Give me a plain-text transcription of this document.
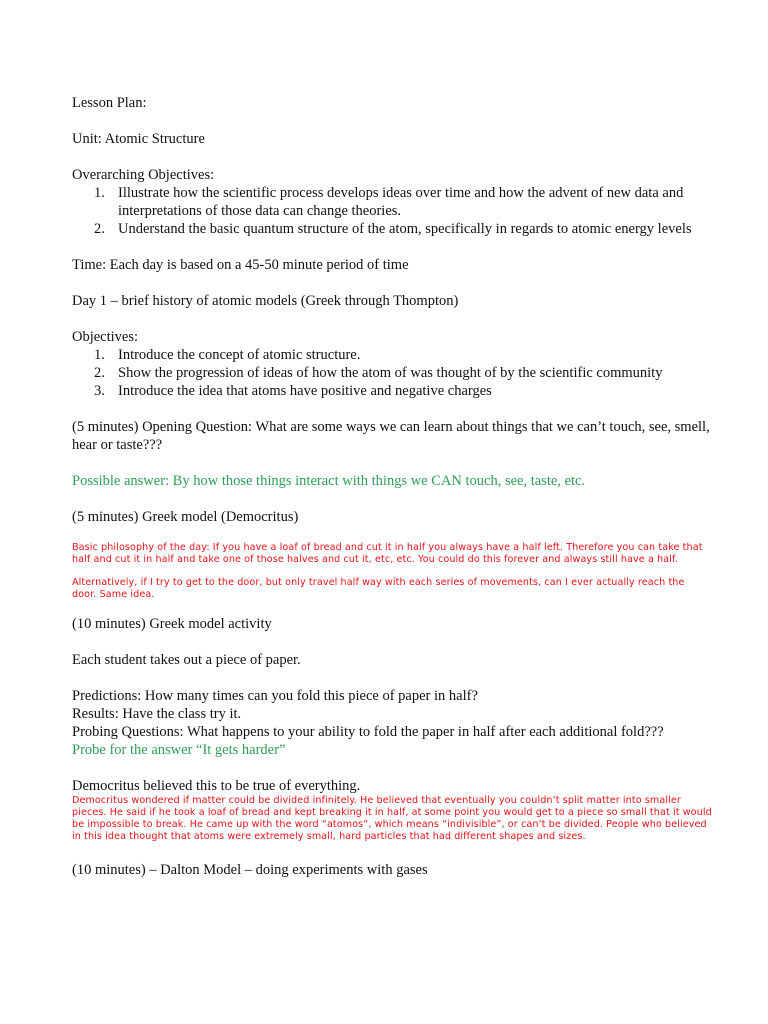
Lesson Plan:

Unit: Atomic Structure

Overarching Objectives:

1. Illustrate how the scientific process develops ideas over time and how the advent of new data and interpretations of those data can change theories.
2. Understand the basic quantum structure of the atom, specifically in regards to atomic energy levels

Time: Each day is based on a 45-50 minute period of time

Day 1 – brief history of atomic models (Greek through Thompton)

Objectives:

1. Introduce the concept of atomic structure.
2. Show the progression of ideas of how the atom of was thought of by the scientific community
3. Introduce the idea that atoms have positive and negative charges

(5 minutes) Opening Question: What are some ways we can learn about things that we can’t touch, see, smell, hear or taste???

Possible answer: By how those things interact with things we CAN touch, see, taste, etc.

(5 minutes) Greek model (Democritus)

Basic philosophy of the day: If you have a loaf of bread and cut it in half you always have a half left. Therefore you can take that half and cut it in half and take one of those halves and cut it, etc, etc. You could do this forever and always still have a half.

Alternatively, if I try to get to the door, but only travel half way with each series of movements, can I ever actually reach the door. Same idea.

(10 minutes) Greek model activity

Each student takes out a piece of paper.

Predictions: How many times can you fold this piece of paper in half?

Results: Have the class try it.

Probing Questions: What happens to your ability to fold the paper in half after each additional fold???

Probe for the answer “It gets harder”

Democritus believed this to be true of everything.

Democritus wondered if matter could be divided infinitely. He believed that eventually you couldn’t split matter into smaller pieces. He said if he took a loaf of bread and kept breaking it in half, at some point you would get to a piece so small that it would be impossible to break. He came up with the word “atomos”, which means “indivisible”, or can’t be divided. People who believed in this idea thought that atoms were extremely small, hard particles that had different shapes and sizes.

(10 minutes) – Dalton Model – doing experiments with gases
